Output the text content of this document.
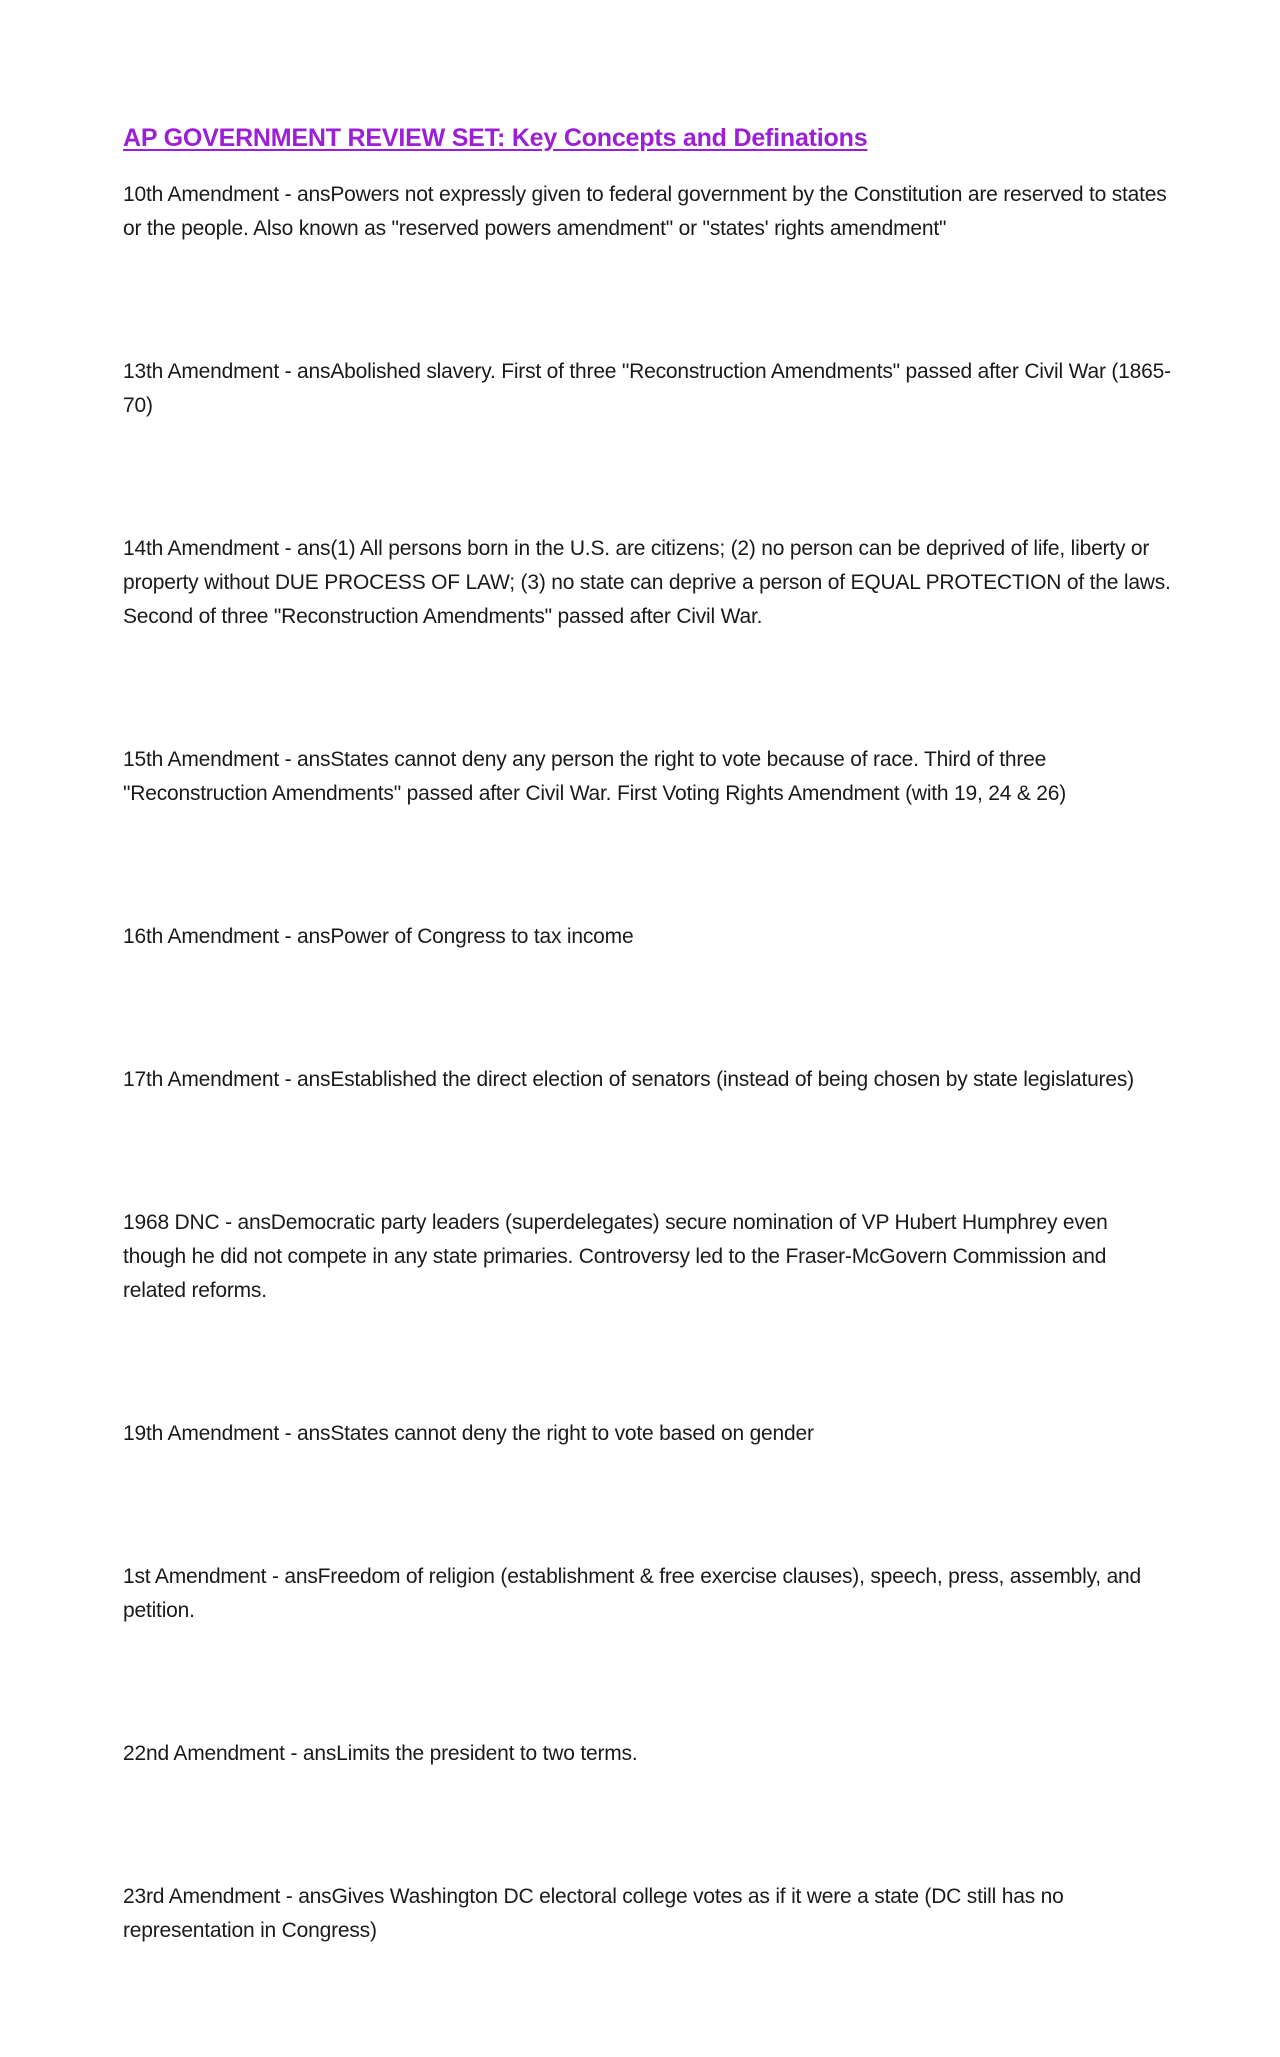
AP GOVERNMENT REVIEW SET: Key Concepts and Definations

10th Amendment - ansPowers not expressly given to federal government by the Constitution are reserved to states or the people. Also known as "reserved powers amendment" or "states' rights amendment"

13th Amendment - ansAbolished slavery. First of three "Reconstruction Amendments" passed after Civil War (1865-70)

14th Amendment - ans(1) All persons born in the U.S. are citizens; (2) no person can be deprived of life, liberty or property without DUE PROCESS OF LAW; (3) no state can deprive a person of EQUAL PROTECTION of the laws. Second of three "Reconstruction Amendments" passed after Civil War.

15th Amendment - ansStates cannot deny any person the right to vote because of race. Third of three "Reconstruction Amendments" passed after Civil War. First Voting Rights Amendment (with 19, 24 & 26)

16th Amendment - ansPower of Congress to tax income

17th Amendment - ansEstablished the direct election of senators (instead of being chosen by state legislatures)

1968 DNC - ansDemocratic party leaders (superdelegates) secure nomination of VP Hubert Humphrey even though he did not compete in any state primaries. Controversy led to the Fraser-McGovern Commission and related reforms.

19th Amendment - ansStates cannot deny the right to vote based on gender

1st Amendment - ansFreedom of religion (establishment & free exercise clauses), speech, press, assembly, and petition.

22nd Amendment - ansLimits the president to two terms.

23rd Amendment - ansGives Washington DC electoral college votes as if it were a state (DC still has no representation in Congress)
